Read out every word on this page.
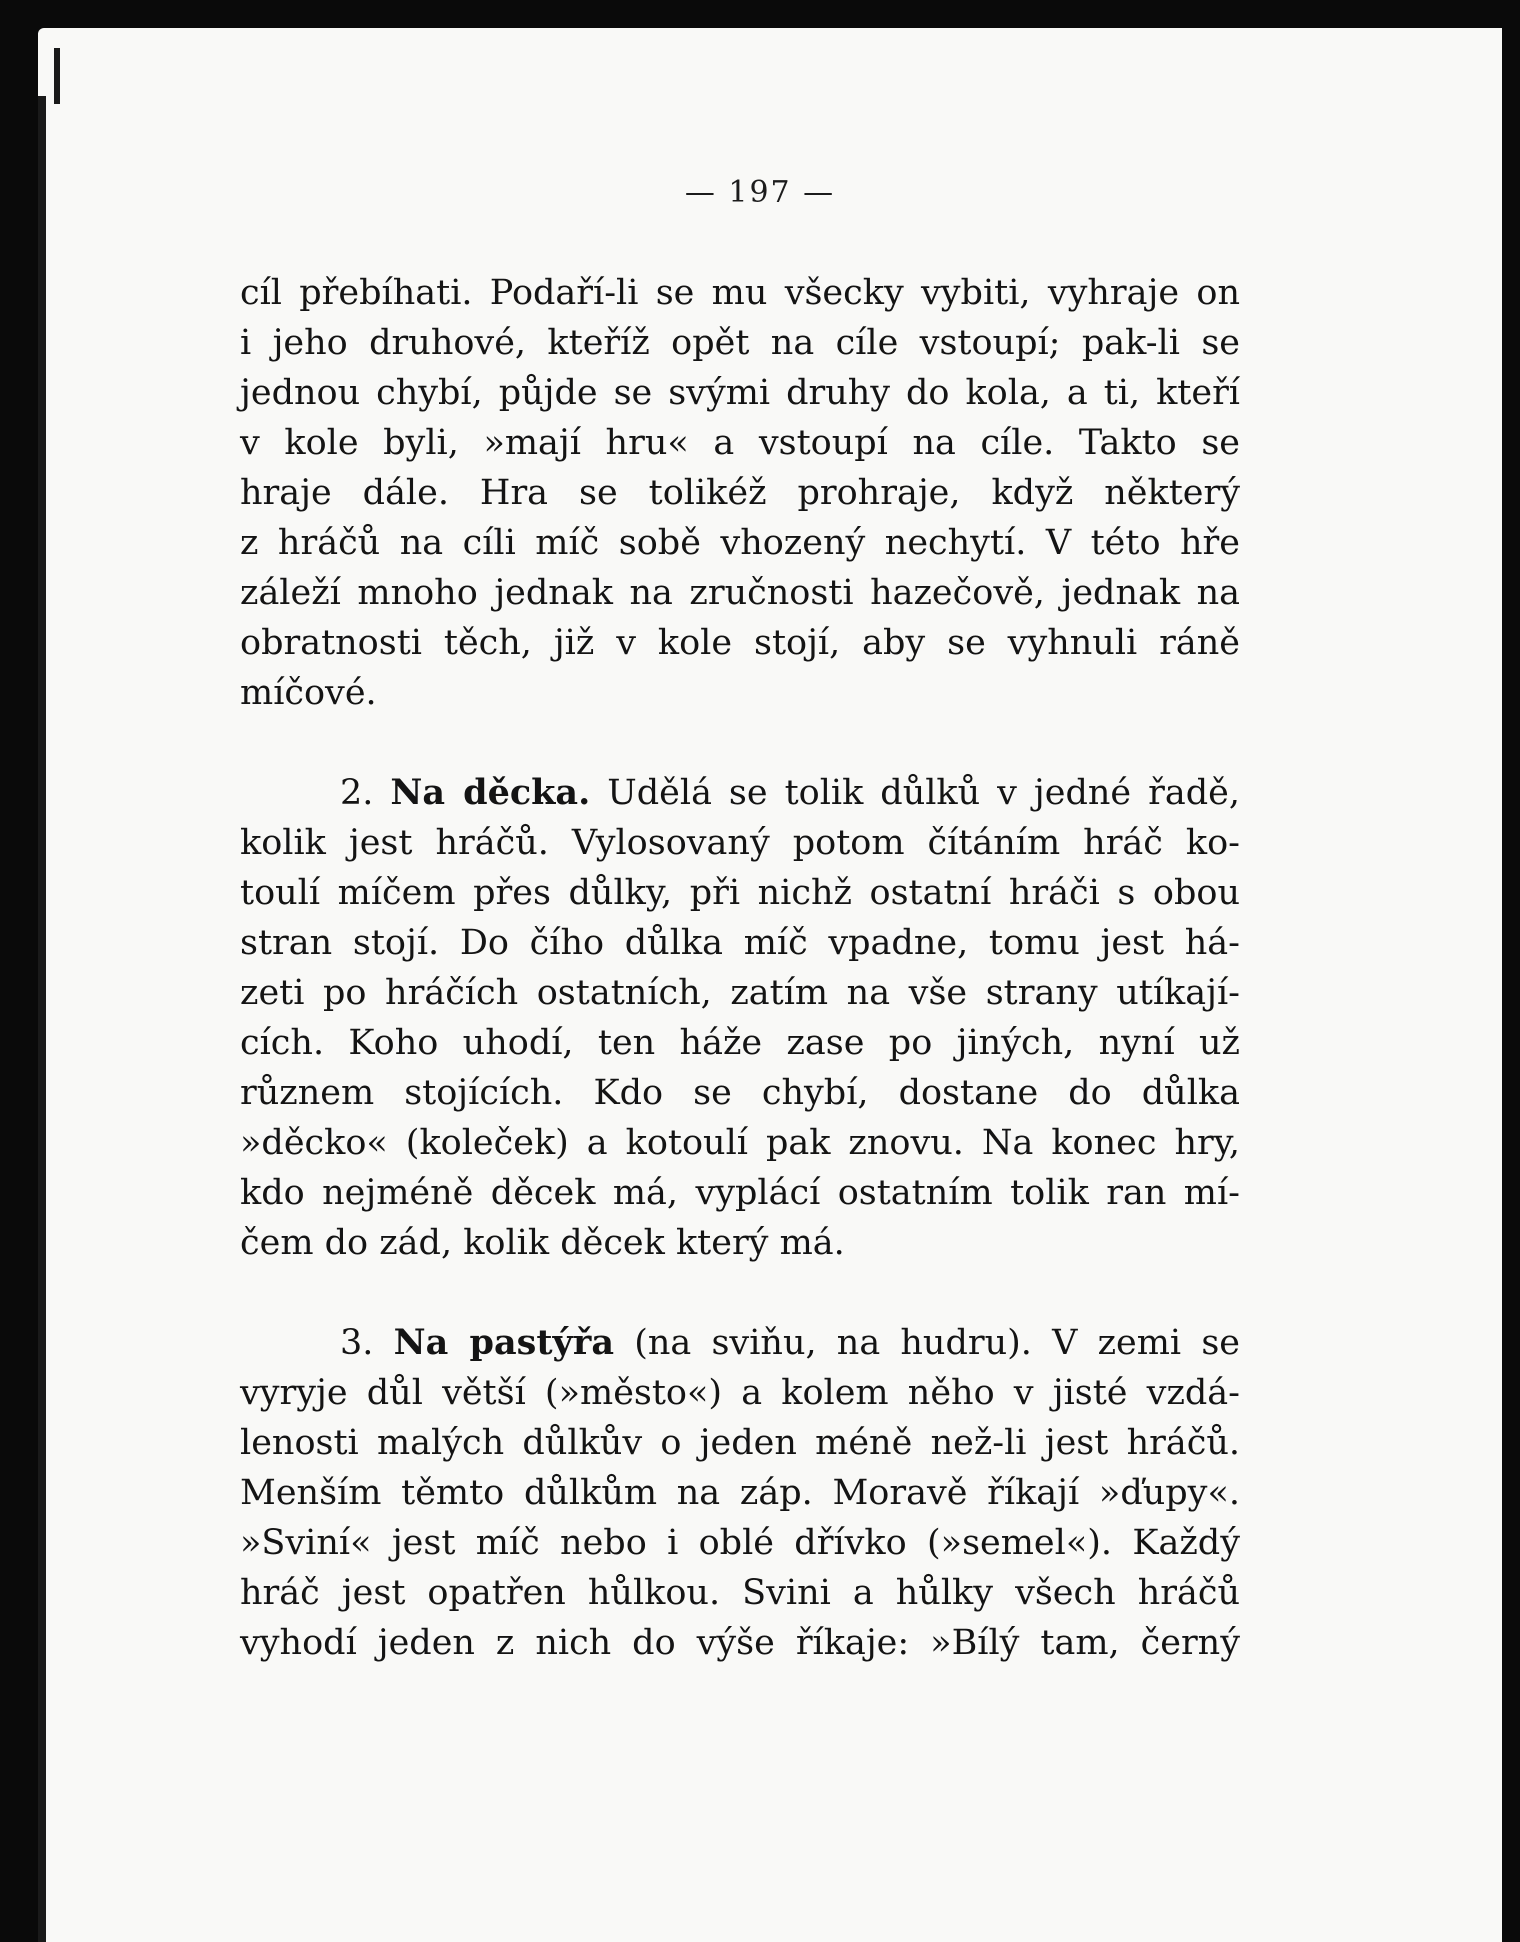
— 197 —
cíl přebíhati. Podaří-li se mu všecky vybiti, vyhraje on
i jeho druhové, kteříž opět na cíle vstoupí; pak-li se
jednou chybí, půjde se svými druhy do kola, a ti, kteří
v kole byli, »mají hru« a vstoupí na cíle. Takto se
hraje dále. Hra se tolikéž prohraje, když některý
z hráčů na cíli míč sobě vhozený nechytí. V této hře
záleží mnoho jednak na zručnosti hazečově, jednak na
obratnosti těch, již v kole stojí, aby se vyhnuli ráně
míčové.
2. Na děcka. Udělá se tolik důlků v jedné řadě,
kolik jest hráčů. Vylosovaný potom čítáním hráč ko-
toulí míčem přes důlky, při nichž ostatní hráči s obou
stran stojí. Do čího důlka míč vpadne, tomu jest há-
zeti po hráčích ostatních, zatím na vše strany utíkají-
cích. Koho uhodí, ten háže zase po jiných, nyní už
různem stojících. Kdo se chybí, dostane do důlka
»děcko« (koleček) a kotoulí pak znovu. Na konec hry,
kdo nejméně děcek má, vyplácí ostatním tolik ran mí-
čem do zád, kolik děcek který má.
3. Na pastýřa (na sviňu, na hudru). V zemi se
vyryje důl větší (»město«) a kolem něho v jisté vzdá-
lenosti malých důlkův o jeden méně než-li jest hráčů.
Menším těmto důlkům na záp. Moravě říkají »ďupy«.
»Sviní« jest míč nebo i oblé dřívko (»semel«). Každý
hráč jest opatřen hůlkou. Svini a hůlky všech hráčů
vyhodí jeden z nich do výše říkaje: »Bílý tam, černý
